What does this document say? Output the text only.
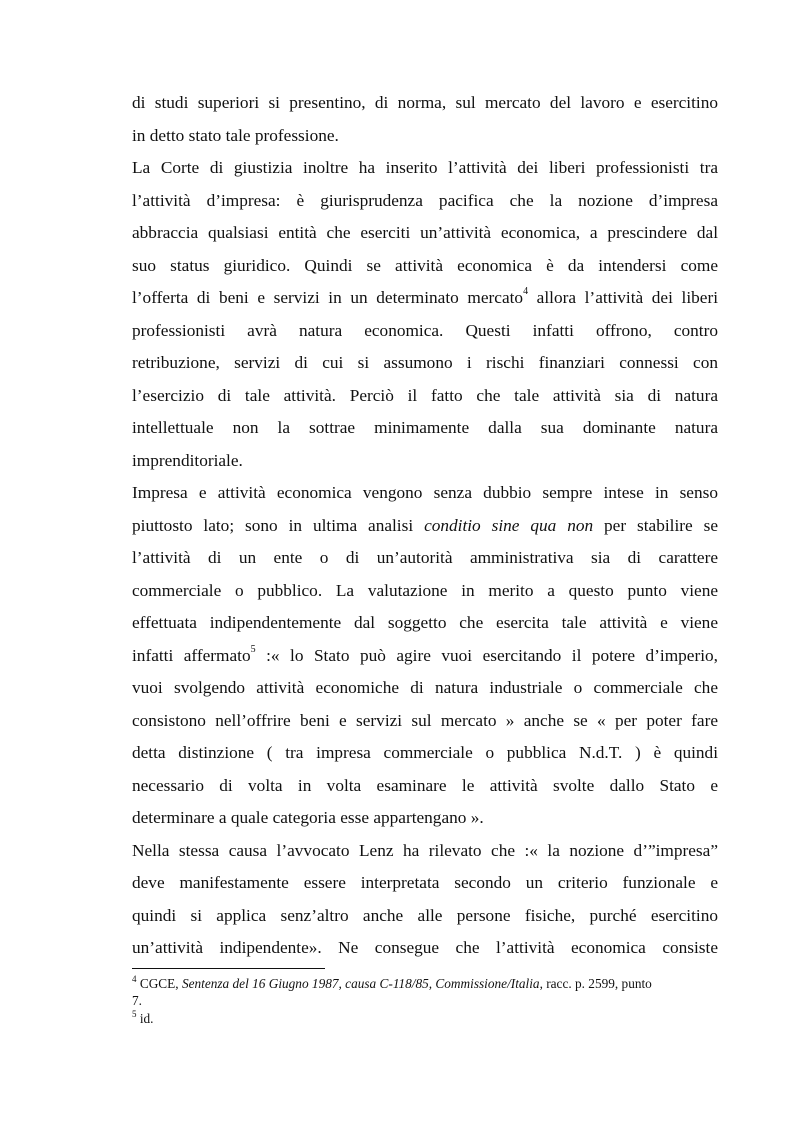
di studi superiori si presentino, di norma, sul mercato del lavoro e esercitino
in detto stato tale professione.
La Corte di giustizia inoltre ha inserito l’attività dei liberi professionisti tra
l’attività d’impresa: è giurisprudenza pacifica che la nozione d’impresa
abbraccia qualsiasi entità che eserciti un’attività economica, a prescindere dal
suo status giuridico. Quindi se attività economica è da intendersi come
l’offerta di beni e servizi in un determinato mercato$^4$ allora l’attività dei liberi
professionisti avrà natura economica. Questi infatti offrono, contro
retribuzione, servizi di cui si assumono i rischi finanziari connessi con
l’esercizio di tale attività. Perciò il fatto che tale attività sia di natura
intellettuale non la sottrae minimamente dalla sua dominante natura
imprenditoriale.
Impresa e attività economica vengono senza dubbio sempre intese in senso
piuttosto lato; sono in ultima analisi conditio sine qua non per stabilire se
l’attività di un ente o di un’autorità amministrativa sia di carattere
commerciale o pubblico. La valutazione in merito a questo punto viene
effettuata indipendentemente dal soggetto che esercita tale attività e viene
infatti affermato$^5$ :« lo Stato può agire vuoi esercitando il potere d’imperio,
vuoi svolgendo attività economiche di natura industriale o commerciale che
consistono nell’offrire beni e servizi sul mercato » anche se « per poter fare
detta distinzione ( tra impresa commerciale o pubblica N.d.T. ) è quindi
necessario di volta in volta esaminare le attività svolte dallo Stato e
determinare a quale categoria esse appartengano ».
Nella stessa causa l’avvocato Lenz ha rilevato che :« la nozione d’”impresa”
deve manifestamente essere interpretata secondo un criterio funzionale e
quindi si applica senz’altro anche alle persone fisiche, purché esercitino
un’attività indipendente». Ne consegue che l’attività economica consiste
$^4$ CGCE, Sentenza del 16 Giugno 1987, causa C-118/85, Commissione/Italia, racc. p. 2599, punto
7.
$^5$ id.
